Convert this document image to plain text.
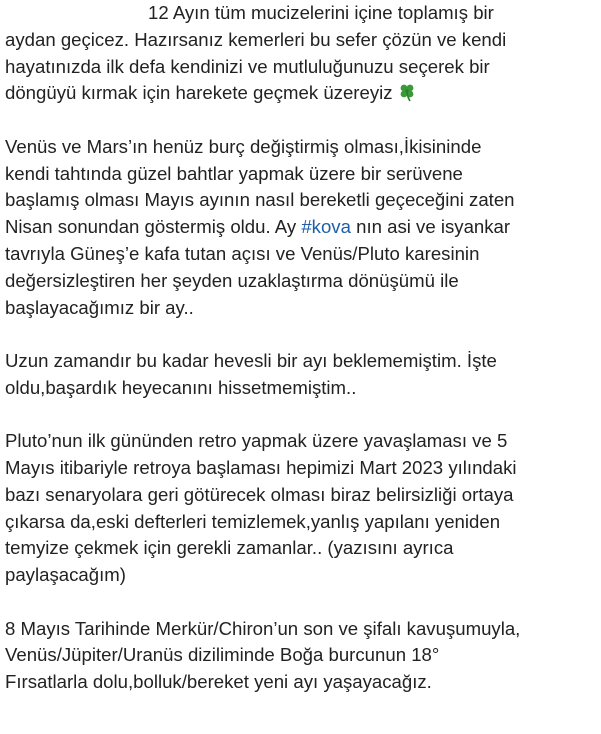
12 Ayın tüm mucizelerini içine toplamış bir
aydan geçicez. Hazırsanız kemerleri bu sefer çözün ve kendi
hayatınızda ilk defa kendinizi ve mutluluğunuzu seçerek bir
döngüyü kırmak için harekete geçmek üzereyiz
Venüs ve Mars’ın henüz burç değiştirmiş olması,İkisininde
kendi tahtında güzel bahtlar yapmak üzere bir serüvene
başlamış olması Mayıs ayının nasıl bereketli geçeceğini zaten
Nisan sonundan göstermiş oldu. Ay #kova nın asi ve isyankar
tavrıyla Güneş’e kafa tutan açısı ve Venüs/Pluto karesinin
değersizleştiren her şeyden uzaklaştırma dönüşümü ile
başlayacağımız bir ay..
Uzun zamandır bu kadar hevesli bir ayı beklememiştim. İşte
oldu,başardık heyecanını hissetmemiştim..
Pluto’nun ilk gününden retro yapmak üzere yavaşlaması ve 5
Mayıs itibariyle retroya başlaması hepimizi Mart 2023 yılındaki
bazı senaryolara geri götürecek olması biraz belirsizliği ortaya
çıkarsa da,eski defterleri temizlemek,yanlış yapılanı yeniden
temyize çekmek için gerekli zamanlar.. (yazısını ayrıca
paylaşacağım)
8 Mayıs Tarihinde Merkür/Chiron’un son ve şifalı kavuşumuyla,
Venüs/Jüpiter/Uranüs diziliminde Boğa burcunun 18°
Fırsatlarla dolu,bolluk/bereket yeni ayı yaşayacağız.
